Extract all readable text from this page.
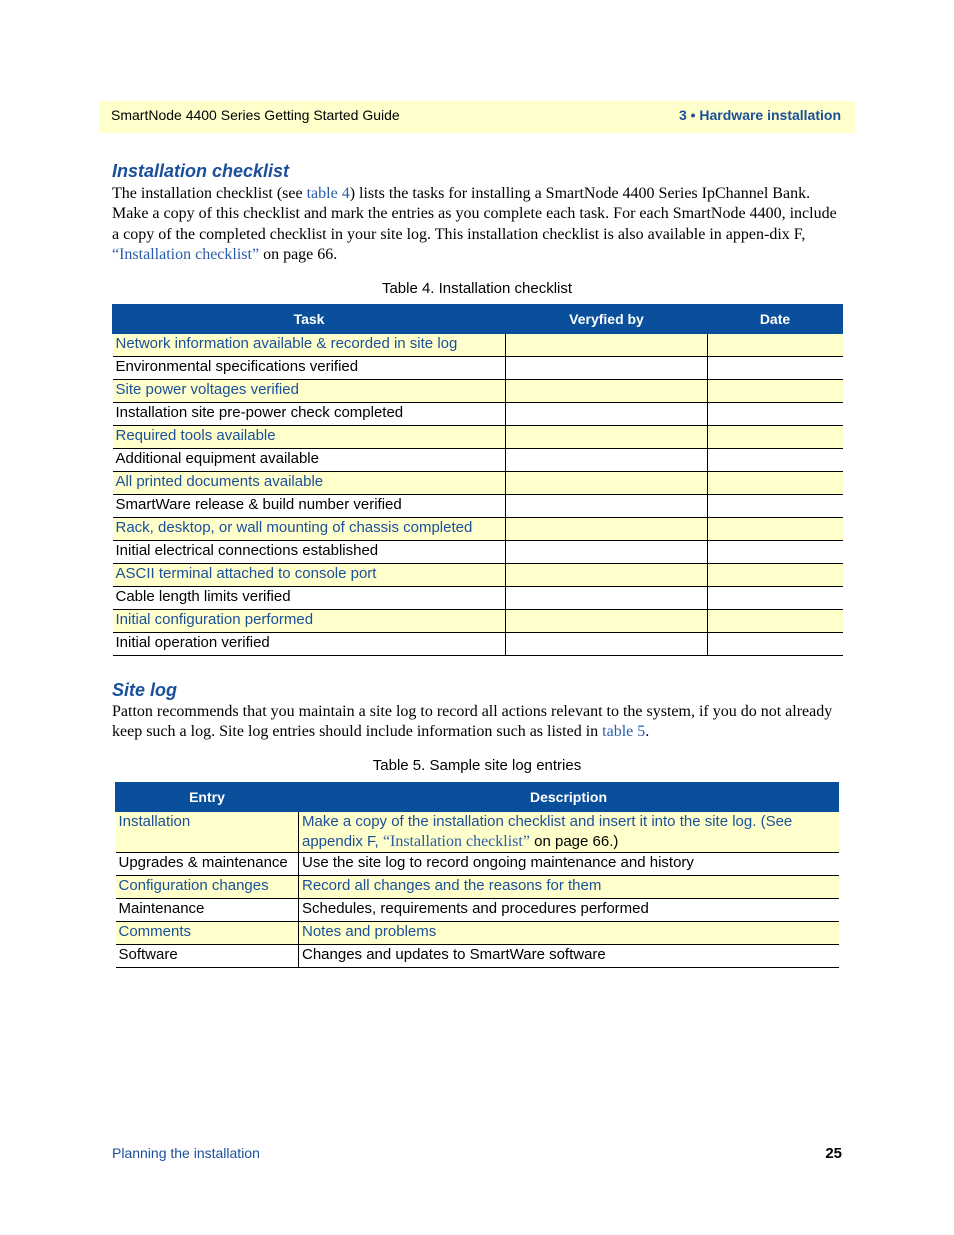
SmartNode 4400 Series Getting Started Guide	3 • Hardware installation
Installation checklist
The installation checklist (see table 4) lists the tasks for installing a SmartNode 4400 Series IpChannel Bank. Make a copy of this checklist and mark the entries as you complete each task. For each SmartNode 4400, include a copy of the completed checklist in your site log. This installation checklist is also available in appen-dix F, “Installation checklist” on page 66.
Table 4. Installation checklist
Task	Veryfied by	Date
Network information available & recorded in site log		
Environmental specifications verified		
Site power voltages verified		
Installation site pre-power check completed		
Required tools available		
Additional equipment available		
All printed documents available		
SmartWare release & build number verified		
Rack, desktop, or wall mounting of chassis completed		
Initial electrical connections established		
ASCII terminal attached to console port		
Cable length limits verified		
Initial configuration performed		
Initial operation verified		
Site log
Patton recommends that you maintain a site log to record all actions relevant to the system, if you do not already keep such a log. Site log entries should include information such as listed in table 5.
Table 5. Sample site log entries
Entry	Description
Installation	Make a copy of the installation checklist and insert it into the site log. (See appendix F, “Installation checklist” on page 66.)
Upgrades & maintenance	Use the site log to record ongoing maintenance and history
Configuration changes	Record all changes and the reasons for them
Maintenance	Schedules, requirements and procedures performed
Comments	Notes and problems
Software	Changes and updates to SmartWare software
Planning the installation	25
